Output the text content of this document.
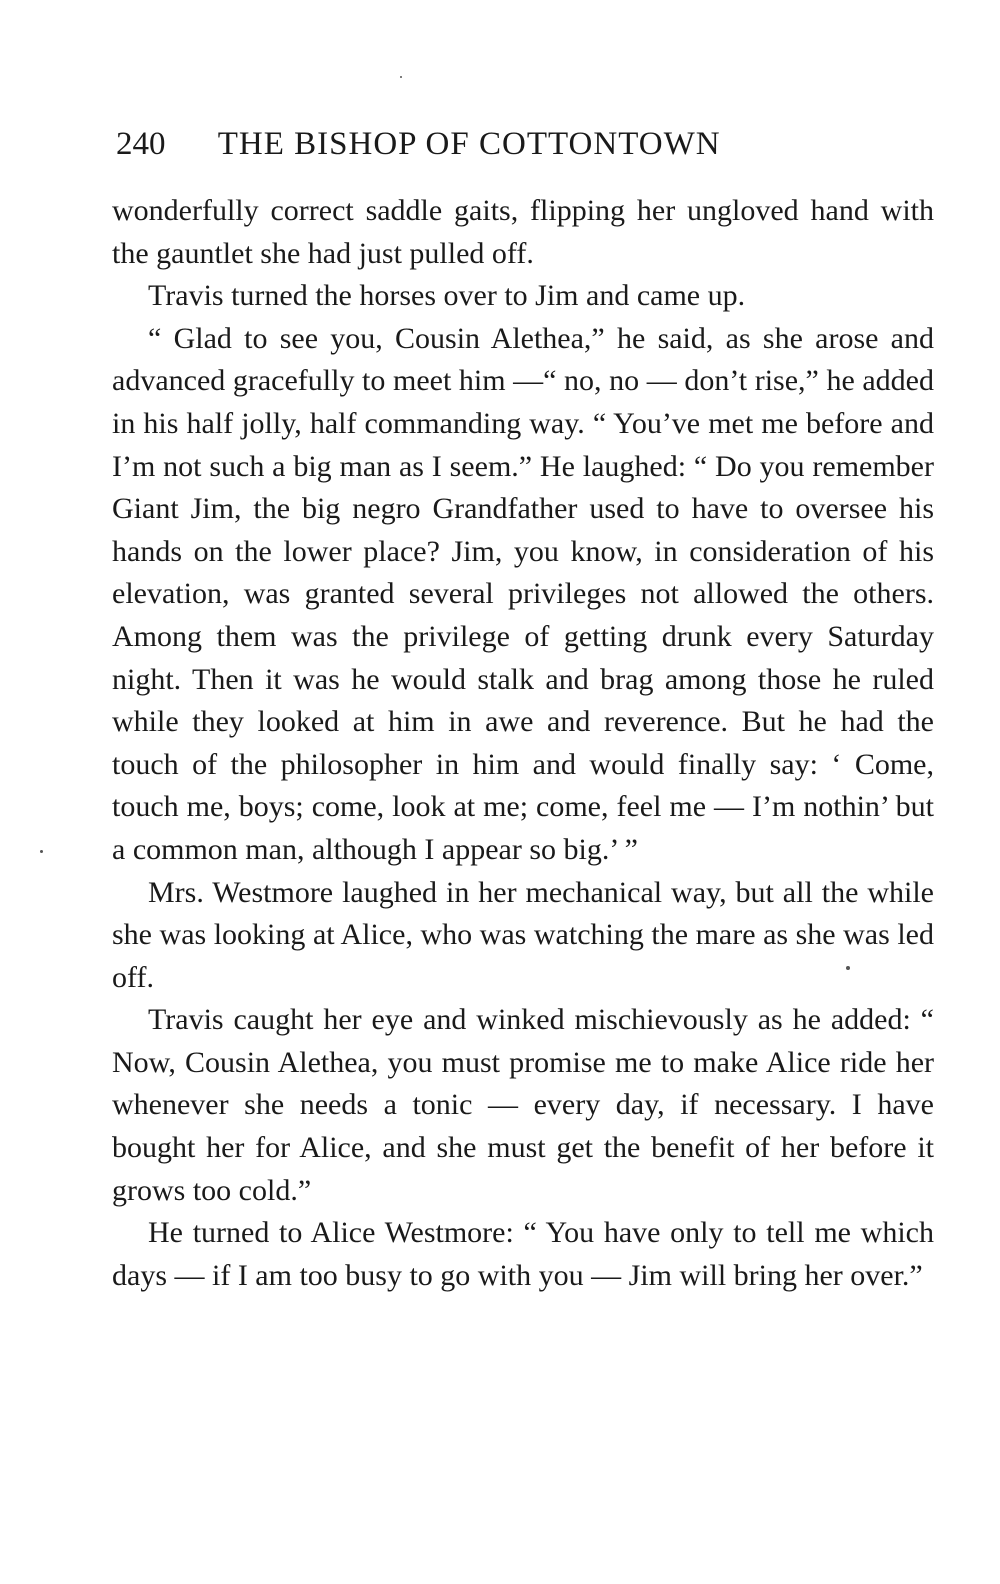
240 THE BISHOP OF COTTONTOWN

wonderfully correct saddle gaits, flipping her ungloved hand with the gauntlet she had just pulled off.

Travis turned the horses over to Jim and came up.

“ Glad to see you, Cousin Alethea,” he said, as she arose and advanced gracefully to meet him —“ no, no — don’t rise,” he added in his half jolly, half commanding way. “ You’ve met me before and I’m not such a big man as I seem.” He laughed: “ Do you remember Giant Jim, the big negro Grandfather used to have to oversee his hands on the lower place? Jim, you know, in consideration of his elevation, was granted several privileges not allowed the others. Among them was the privilege of getting drunk every Saturday night. Then it was he would stalk and brag among those he ruled while they looked at him in awe and reverence. But he had the touch of the philosopher in him and would finally say: ‘ Come, touch me, boys; come, look at me; come, feel me — I’m nothin’ but a common man, although I appear so big.’ ”

Mrs. Westmore laughed in her mechanical way, but all the while she was looking at Alice, who was watching the mare as she was led off.

Travis caught her eye and winked mischievously as he added: “ Now, Cousin Alethea, you must promise me to make Alice ride her whenever she needs a tonic — every day, if necessary. I have bought her for Alice, and she must get the benefit of her before it grows too cold.”

He turned to Alice Westmore: “ You have only to tell me which days — if I am too busy to go with you — Jim will bring her over.”
